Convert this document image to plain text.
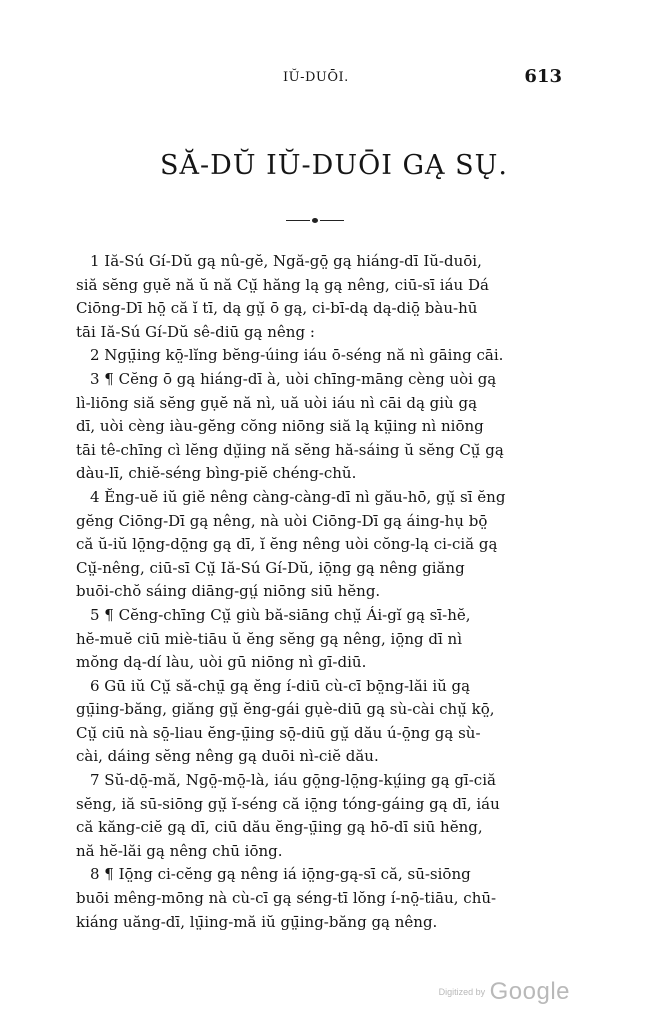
IŬ-DUŌI.	613
SĂ-DŬ IŬ-DUŌI GĄ SŲ.

1 Iă-Sú Gí-Dŭ gą nû-gĕ, Ngă-gō̤ gą hiáng-dī Iŭ-duōi,
siă sĕng gụĕ nă ŭ nă Cṳ̆ hăng lą gą nêng, ciū-sī iáu Dá
Ciōng-Dī hō̤ că ĭ tī, dą gṳ̆ ō gą, ci-bī-dą dą-diō̤ bàu-hū
tāi Iă-Sú Gí-Dŭ sê-diū gą nêng :

2 Ngṳ̄ing kō̤-lĭng bĕng-úing iáu ō-séng nă nì gāing cāi.

3 ¶ Cĕng ō gą hiáng-dī à, uòi chīng-māng cèng uòi gą
lì-liōng siă sĕng gụĕ nă nì, uă uòi iáu nì cāi dą giù gą
dī, uòi cèng iàu-gĕng cŏng niōng siă lą kṳ̄ing nì niōng
tāi tê-chīng cì lĕng dṳ̆ing nă sĕng hă-sáing ŭ sĕng Cṳ̆ gą
dàu-lī, chiĕ-séng bìng-piĕ chéng-chŭ.

4 Ĕng-uĕ iŭ giĕ nêng càng-càng-dī nì gău-hō, gṳ̆ sī ĕng
gĕng Ciōng-Dī gą nêng, nà uòi Ciōng-Dī gą áing-hụ bō̤
că ŭ-iŭ lō̤ng-dō̤ng gą dī, ĭ ĕng nêng uòi cŏng-lą ci-ciă gą
Cṳ̆-nêng, ciū-sī Cṳ̆ Iă-Sú Gí-Dŭ, iō̤ng gą nêng giăng
buōi-chŏ sáing diāng-gṳ́ niōng siū hĕng.

5 ¶ Cĕng-chīng Cṳ̆ giù bă-siāng chṳ̆ Ái-gĭ gą sī-hĕ,
hĕ-muĕ ciū miè-tiāu ŭ ĕng sĕng gą nêng, iō̤ng dī nì
mŏng dą-dí làu, uòi gū niōng nì gī-diū.

6 Gū iŭ Cṳ̆ să-chṳ̄ gą ĕng í-diū cù-cī bō̤ng-lăi iŭ gą
gṳ̄ing-băng, giăng gṳ̆ ĕng-gái gụè-diū gą sù-cài chṳ̆ kō̤,
Cṳ̆ ciū nà sō̤-liau ĕng-ṳ̄ing sō̤-diū gṳ̆ dău ú-ō̤ng gą sù-
cài, dáing sĕng nêng gą duōi nì-ciĕ dău.

7 Sŭ-dō̤-mă, Ngō̤-mō̤-là, iáu gō̤ng-lō̤ng-kṳ́ing gą gī-ciă
sĕng, iă sū-siōng gṳ̆ ĭ-séng că iō̤ng tóng-gáing gą dī, iáu
că kăng-ciĕ gą dī, ciū dău ĕng-ṳ̄ing gą hō-dī siū hĕng,
nă hĕ-lăi gą nêng chū iōng.

8 ¶ Iō̤ng ci-cĕng gą nêng iá iō̤ng-gą-sī că, sū-siōng
buōi mêng-mōng nà cù-cī gą séng-tī lŏng í-nō̤-tiāu, chū-
kiáng uăng-dī, lṳ̄ing-mă iŭ gṳ̄ing-băng gą nêng.

Digitized by Google
